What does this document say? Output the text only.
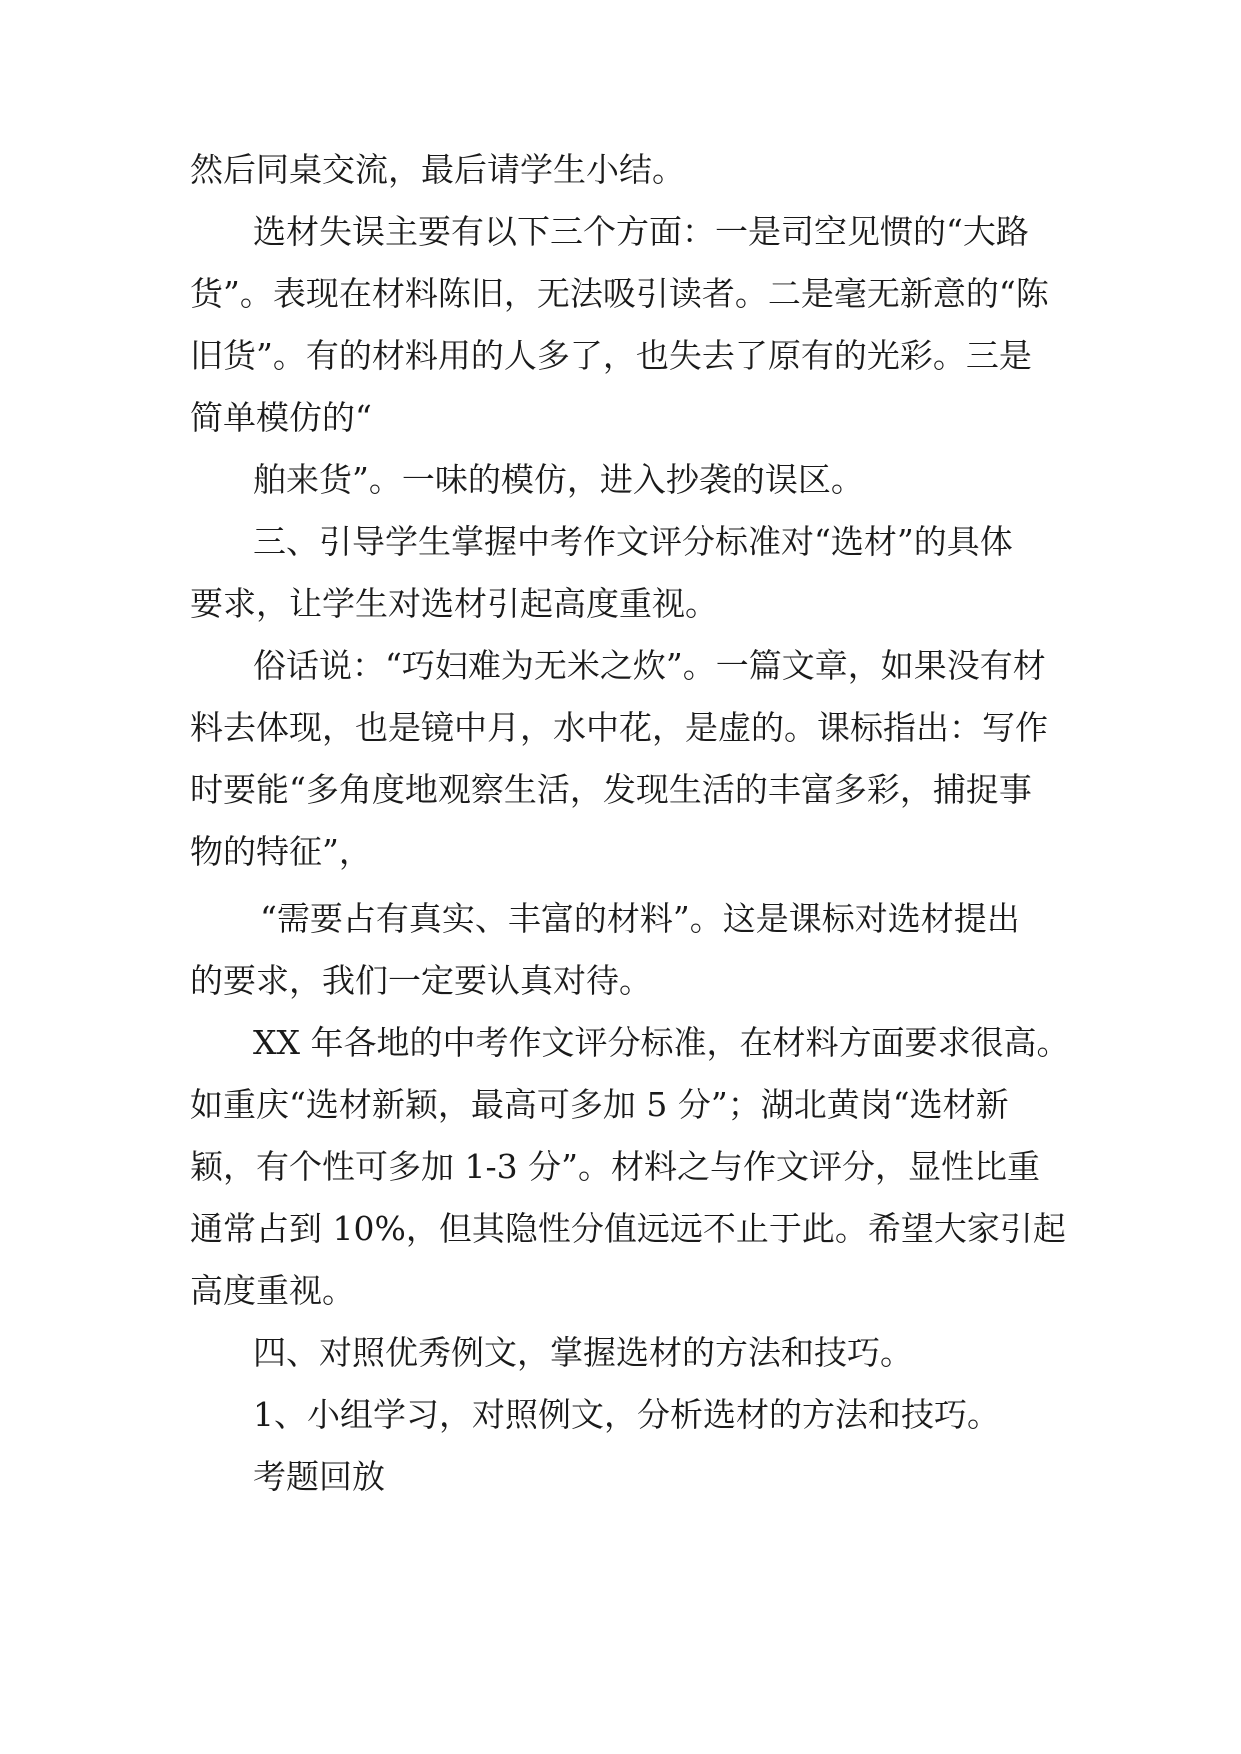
然后同桌交流，最后请学生小结。
选材失误主要有以下三个方面：一是司空见惯的“大路
货”。表现在材料陈旧，无法吸引读者。二是毫无新意的“陈
旧货”。有的材料用的人多了，也失去了原有的光彩。三是
简单模仿的“
舶来货”。一味的模仿，进入抄袭的误区。
三、引导学生掌握中考作文评分标准对“选材”的具体
要求，让学生对选材引起高度重视。
俗话说：“巧妇难为无米之炊”。一篇文章，如果没有材
料去体现，也是镜中月，水中花，是虚的。课标指出：写作
时要能“多角度地观察生活，发现生活的丰富多彩，捕捉事
物的特征”，
“需要占有真实、丰富的材料”。这是课标对选材提出
的要求，我们一定要认真对待。
XX 年各地的中考作文评分标准，在材料方面要求很高。
如重庆“选材新颖，最高可多加 5 分”；湖北黄岗“选材新
颖，有个性可多加 1-3 分”。材料之与作文评分，显性比重
通常占到 10%，但其隐性分值远远不止于此。希望大家引起
高度重视。
四、对照优秀例文，掌握选材的方法和技巧。
1、小组学习，对照例文，分析选材的方法和技巧。
考题回放
